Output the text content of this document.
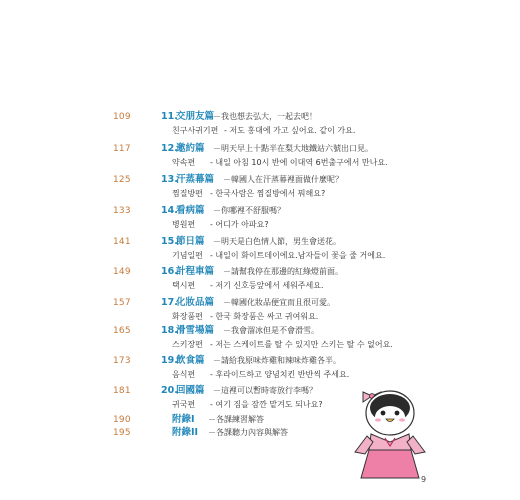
109	11.
交朋友篇
－我也想去弘大，一起去吧！
친구사귀기편 - 저도 홍대에 가고 싶어요. 같이 가요.
117	12.
邀約篇 －明天早上十點半在梨大地鐵站六號出口見。
약속편 - 내일 아침 10시 반에 이대역 6번출구에서 만나요.
125	13.
汗蒸幕篇 －韓國人在汗蒸幕裡面做什麼呢？
찜질방편 - 한국사람은 찜질방에서 뭐해요?
133	14.
看病篇 －你哪裡不舒服嗎？
병원편 - 어디가 아파요?
141	15.
節日篇 －明天是白色情人節，男生會送花。
기념일편 - 내일이 화이트데이에요.남자들이 꽃을 줄 거에요.
149	16.
計程車篇 －請幫我停在那邊的紅綠燈前面。
택시편 - 저기 신호등앞에서 세워주세요.
157	17.
化妝品篇 －韓國化妝品便宜而且很可愛。
화장품편 - 한국 화장품은 싸고 귀여워요.
165	18.
滑雪場篇 －我會溜冰但是不會滑雪。
스키장편 - 저는 스케이트를 탈 수 있지만 스키는 탈 수 없어요.
173	19.
飲食篇 －請給我原味炸雞和辣味炸雞各半。
음식편 - 후라이드하고 양념치킨 반반씩 주세요.
181	20.
回國篇 －這裡可以暫時寄放行李嗎？
귀국편 - 여기 짐을 잠깐 맡겨도 되나요?
190	附錄I －各課練習解答
195	附錄II －各課聽力內容與解答
9
